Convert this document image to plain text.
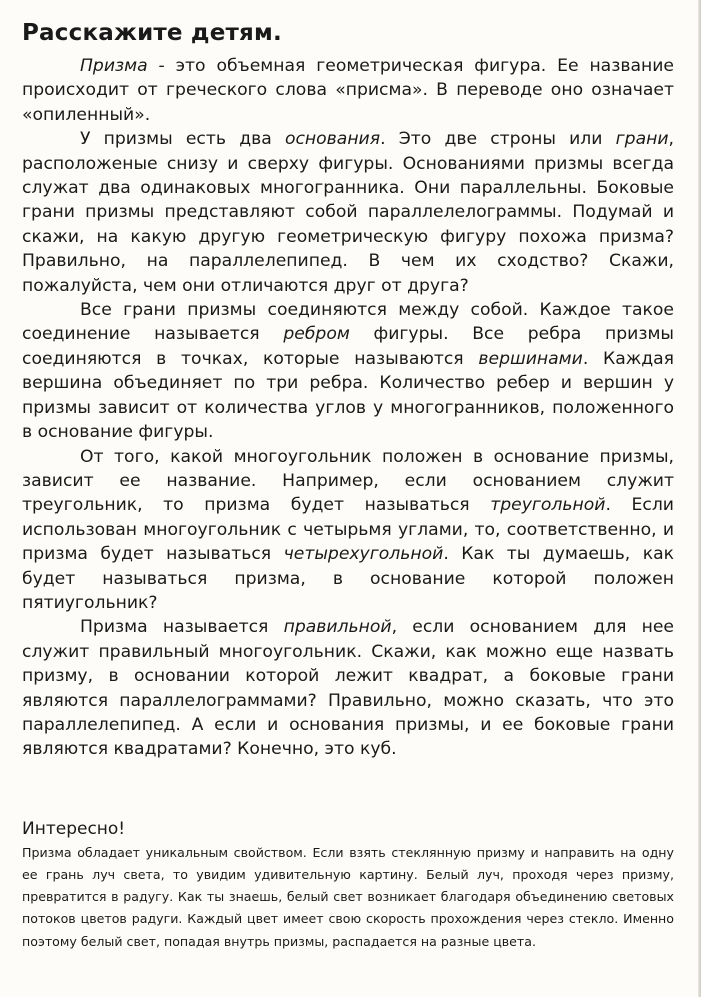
Расскажите детям.

Призма - это объемная геометрическая фигура. Ее название происходит от греческого слова «присма». В переводе оно означает «опиленный».

У призмы есть два основания. Это две строны или грани, расположеные снизу и сверху фигуры. Основаниями призмы всегда служат два одинаковых многогранника. Они параллельны. Боковые грани призмы представляют собой параллелелограммы. Подумай и скажи, на какую другую геометрическую фигуру похожа призма? Правильно, на параллелепипед. В чем их сходство? Скажи, пожалуйста, чем они отличаются друг от друга?

Все грани призмы соединяются между собой. Каждое такое соединение называется ребром фигуры. Все ребра призмы соединяются в точках, которые называются вершинами. Каждая вершина объединяет по три ребра. Количество ребер и вершин у призмы зависит от количества углов у многогранников, положенного в основание фигуры.

От того, какой многоугольник положен в основание призмы, зависит ее название. Например, если основанием служит треугольник, то призма будет называться треугольной. Если использован многоугольник с четырьмя углами, то, соответственно, и призма будет называться четырехугольной. Как ты думаешь, как будет называться призма, в основание которой положен пятиугольник?

Призма называется правильной, если основанием для нее служит правильный многоугольник. Скажи, как можно еще назвать призму, в основании которой лежит квадрат, а боковые грани являются параллелограммами? Правильно, можно сказать, что это параллелепипед. А если и основания призмы, и ее боковые грани являются квадратами? Конечно, это куб.

Интересно!

Призма обладает уникальным свойством. Если взять стеклянную призму и направить на одну ее грань луч света, то увидим удивительную картину. Белый луч, проходя через призму, превратится в радугу. Как ты знаешь, белый свет возникает благодаря объединению световых потоков цветов радуги. Каждый цвет имеет свою скорость прохождения через стекло. Именно поэтому белый свет, попадая внутрь призмы, распадается на разные цвета.
